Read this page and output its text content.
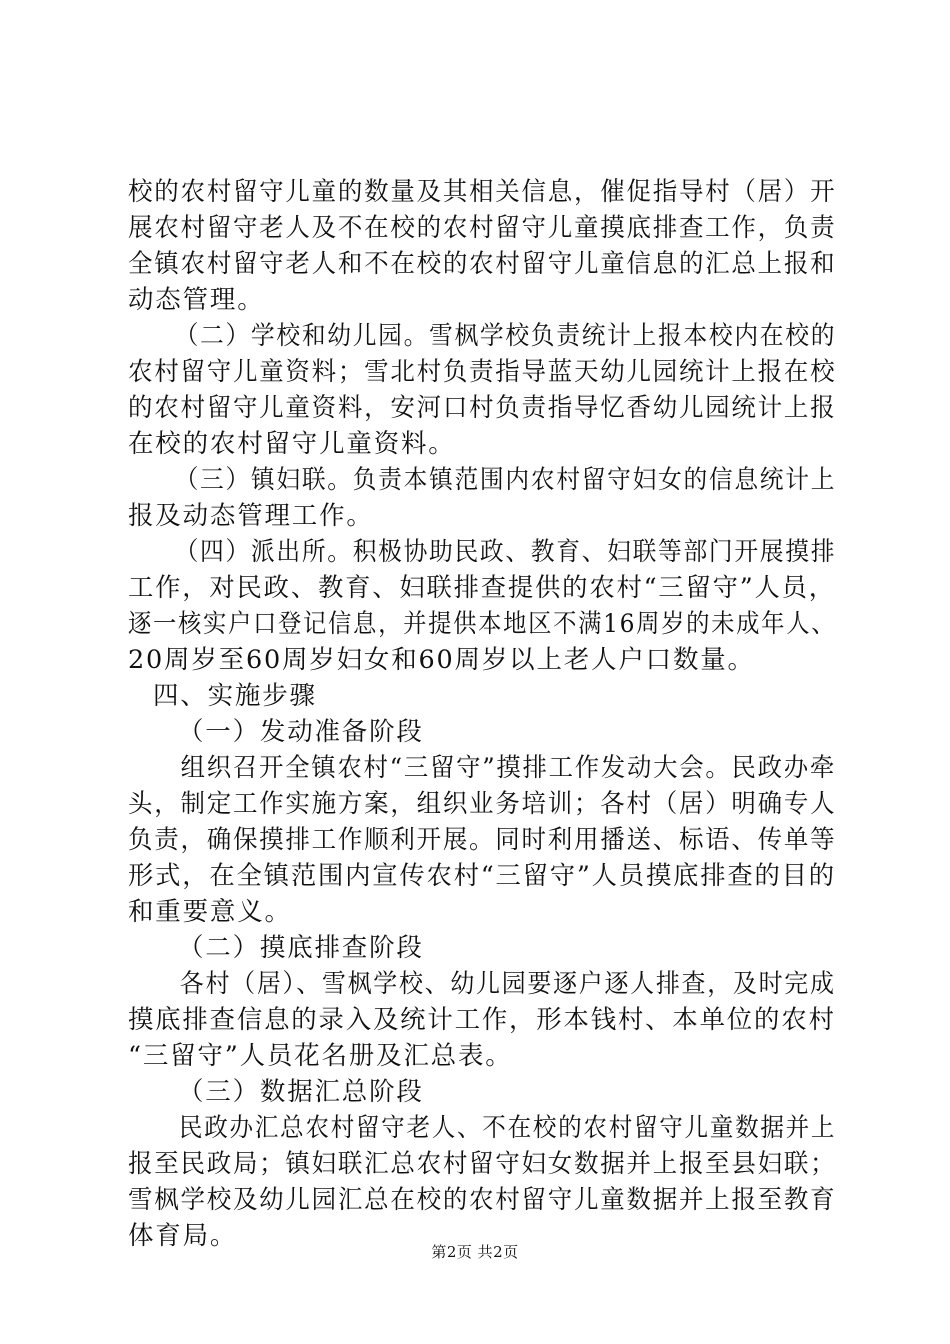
校的农村留守儿童的数量及其相关信息，催促指导村（居）开
展农村留守老人及不在校的农村留守儿童摸底排查工作，负责
全镇农村留守老人和不在校的农村留守儿童信息的汇总上报和
动态管理。
（二）学校和幼儿园。雪枫学校负责统计上报本校内在校的
农村留守儿童资料；雪北村负责指导蓝天幼儿园统计上报在校
的农村留守儿童资料，安河口村负责指导忆香幼儿园统计上报
在校的农村留守儿童资料。
（三）镇妇联。负责本镇范围内农村留守妇女的信息统计上
报及动态管理工作。
（四）派出所。积极协助民政、教育、妇联等部门开展摸排
工作，对民政、教育、妇联排查提供的农村“三留守”人员，
逐一核实户口登记信息，并提供本地区不满16周岁的未成年人、
20周岁至60周岁妇女和60周岁以上老人户口数量。
四、实施步骤
（一）发动准备阶段
组织召开全镇农村“三留守”摸排工作发动大会。民政办牵
头，制定工作实施方案，组织业务培训；各村（居）明确专人
负责，确保摸排工作顺利开展。同时利用播送、标语、传单等
形式，在全镇范围内宣传农村“三留守”人员摸底排查的目的
和重要意义。
（二）摸底排查阶段
各村（居）、雪枫学校、幼儿园要逐户逐人排查，及时完成
摸底排查信息的录入及统计工作，形本钱村、本单位的农村
“三留守”人员花名册及汇总表。
（三）数据汇总阶段
民政办汇总农村留守老人、不在校的农村留守儿童数据并上
报至民政局；镇妇联汇总农村留守妇女数据并上报至县妇联；
雪枫学校及幼儿园汇总在校的农村留守儿童数据并上报至教育
体育局。
第2页 共2页
